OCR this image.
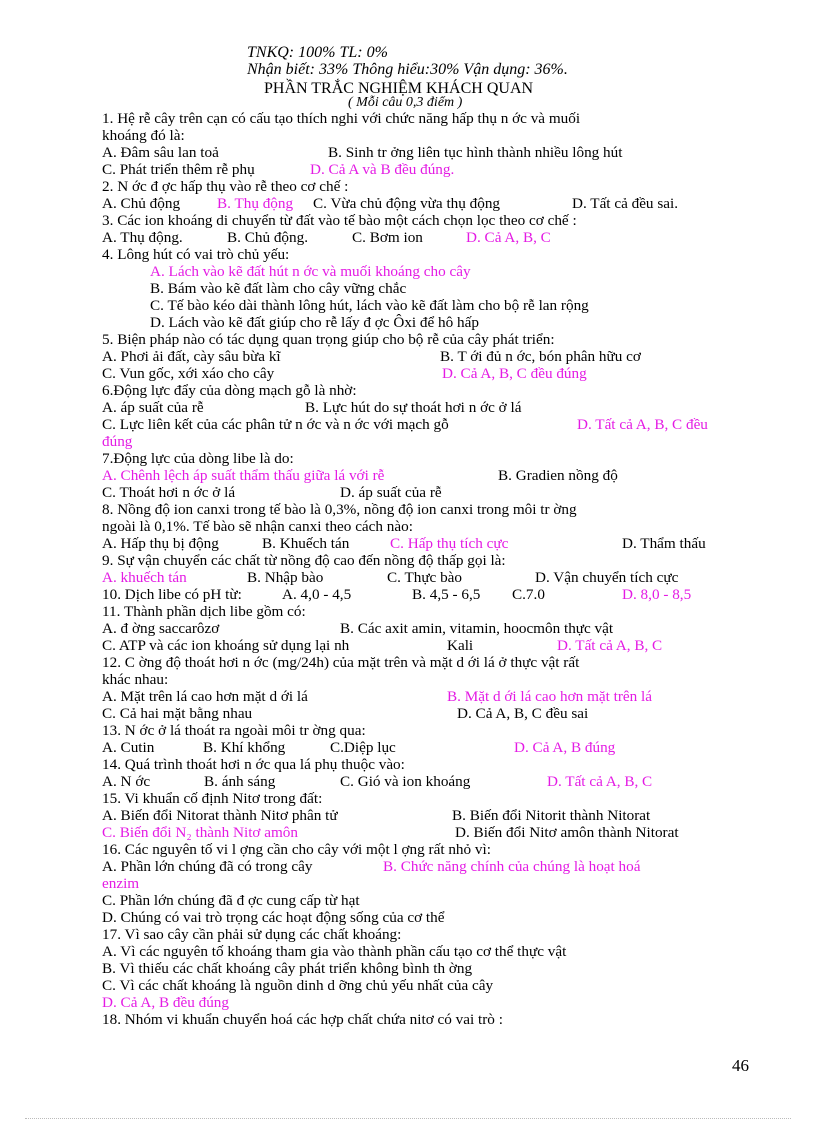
TNKQ: 100% TL: 0%
Nhận biết: 33% Thông hiểu:30% Vận dụng: 36%.
PHẦN TRẮC NGHIỆM KHÁCH QUAN
( Mỗi câu 0,3 điểm )
1. Hệ rễ cây trên cạn có cấu tạo thích nghi với chức năng hấp thụ n ớc và muối
khoáng đó là:
A. Đâm sâu lan toả	B. Sinh tr ởng liên tục hình thành nhiều lông hút
C. Phát triển thêm rễ phụ	D. Cả A và B đều đúng.
2. N ớc đ ợc hấp thụ vào rễ theo cơ chế :
A. Chủ động B. Thụ động C. Vừa chủ động vừa thụ động	D. Tất cả đều sai.
3. Các ion khoáng di chuyển từ đất vào tế bào một cách chọn lọc theo cơ chế :
A. Thụ động.	B. Chủ động.	C. Bơm ion	D. Cả A, B, C
4. Lông hút có vai trò chủ yếu:
A. Lách vào kẽ đất hút n ớc và muối khoáng cho cây
B. Bám vào kẽ đất làm cho cây vững chắc
C. Tế bào kéo dài thành lông hút, lách vào kẽ đất làm cho bộ rễ lan rộng
D. Lách vào kẽ đất giúp cho rễ lấy đ ợc Ôxi để hô hấp
5. Biện pháp nào có tác dụng quan trọng giúp cho bộ rễ của cây phát triển:
A. Phơi ải đất, cày sâu bừa kĩ	B. T ới đủ n ớc, bón phân hữu cơ
C. Vun gốc, xới xáo cho cây	D. Cả A, B, C đều đúng
6.Động lực đẩy của dòng mạch gỗ là nhờ:
A. áp suất của rễ	B. Lực hút do sự thoát hơi n ớc ở lá
C. Lực liên kết của các phân tử n ớc và n ớc với mạch gỗ	D. Tất cả A, B, C đều
đúng
7.Động lực của dòng libe là do:
A. Chênh lệch áp suất thẩm thấu giữa lá với rễ	B. Gradien nồng độ
C. Thoát hơi n ớc ở lá	D. áp suất của rễ
8. Nồng độ ion canxi trong tế bào là 0,3%, nồng độ ion canxi trong môi tr ờng
ngoài là 0,1%. Tế bào sẽ nhận canxi theo cách nào:
A. Hấp thụ bị động	B. Khuếch tán	C. Hấp thụ tích cực	D. Thẩm thấu
9. Sự vận chuyển các chất từ nồng độ cao đến nồng độ thấp gọi là:
A. khuếch tán	B. Nhập bào	C. Thực bào	D. Vận chuyển tích cực
10. Dịch libe có pH từ:	A. 4,0 - 4,5	B. 4,5 - 6,5 C.7.0	D. 8,0 - 8,5
11. Thành phần dịch libe gồm có:
A. đ ờng saccarôzơ	B. Các axit amin, vitamin, hoocmôn thực vật
C. ATP và các ion khoáng sử dụng lại nh	Kali	D. Tất cả A, B, C
12. C ờng độ thoát hơi n ớc (mg/24h) của mặt trên và mặt d ới lá ở thực vật rất
khác nhau:
A. Mặt trên lá cao hơn mặt d ới lá	B. Mặt d ới lá cao hơn mặt trên lá
C. Cả hai mặt bằng nhau	D. Cả A, B, C đều sai
13. N ớc ở lá thoát ra ngoài môi tr ờng qua:
A. Cutin	B. Khí khổng	C.Diệp lục	D. Cả A, B đúng
14. Quá trình thoát hơi n ớc qua lá phụ thuộc vào:
A. N ớc	B. ánh sáng	C. Gió và ion khoáng	D. Tất cả A, B, C
15. Vi khuẩn cố định Nitơ trong đất:
A. Biến đổi Nitorat thành Nitơ phân tử	B. Biến đổi Nitorit thành Nitorat
C. Biến đổi N₂ thành Nitơ amôn	D. Biến đổi Nitơ amôn thành Nitorat
16. Các nguyên tố vi l ợng cần cho cây với một l ợng rất nhỏ vì:
A. Phần lớn chúng đã có trong cây	B. Chức năng chính của chúng là hoạt hoá
enzim
C. Phần lớn chúng đã đ ợc cung cấp từ hạt
D. Chúng có vai trò trọng các hoạt động sống của cơ thể
17. Vì sao cây cần phải sử dụng các chất khoáng:
A. Vì các nguyên tố khoáng tham gia vào thành phần cấu tạo cơ thể thực vật
B. Vì thiếu các chất khoáng cây phát triển không bình th ờng
C. Vì các chất khoáng là nguồn dinh d ỡng chủ yếu nhất của cây
D. Cả A, B đều đúng
18. Nhóm vi khuẩn chuyển hoá các hợp chất chứa nitơ có vai trò :
46
